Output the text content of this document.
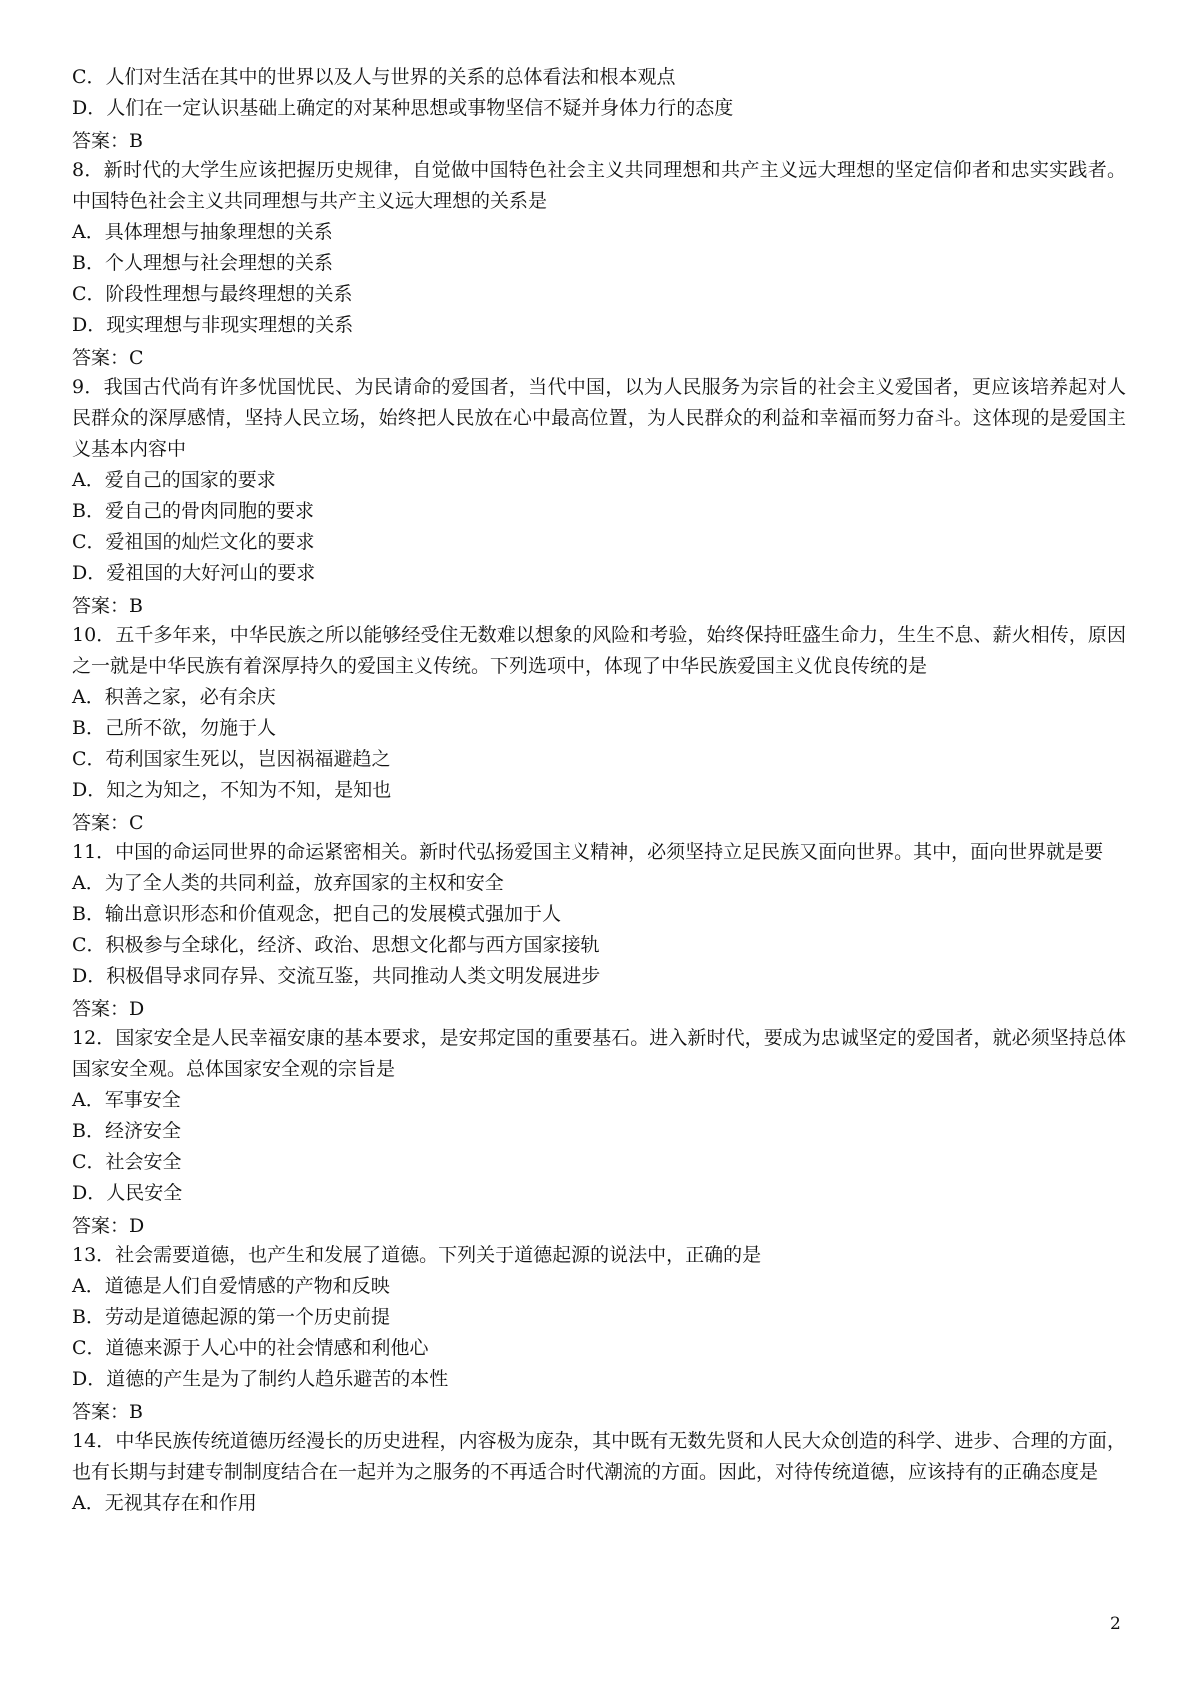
C．人们对生活在其中的世界以及人与世界的关系的总体看法和根本观点
D．人们在一定认识基础上确定的对某种思想或事物坚信不疑并身体力行的态度
答案：B
8．新时代的大学生应该把握历史规律，自觉做中国特色社会主义共同理想和共产主义远大理想的坚定信仰者和忠实实践者。中国特色社会主义共同理想与共产主义远大理想的关系是
A．具体理想与抽象理想的关系
B．个人理想与社会理想的关系
C．阶段性理想与最终理想的关系
D．现实理想与非现实理想的关系
答案：C
9．我国古代尚有许多忧国忧民、为民请命的爱国者，当代中国，以为人民服务为宗旨的社会主义爱国者，更应该培养起对人民群众的深厚感情，坚持人民立场，始终把人民放在心中最高位置，为人民群众的利益和幸福而努力奋斗。这体现的是爱国主义基本内容中
A．爱自己的国家的要求
B．爱自己的骨肉同胞的要求
C．爱祖国的灿烂文化的要求
D．爱祖国的大好河山的要求
答案：B
10．五千多年来，中华民族之所以能够经受住无数难以想象的风险和考验，始终保持旺盛生命力，生生不息、薪火相传，原因之一就是中华民族有着深厚持久的爱国主义传统。下列选项中，体现了中华民族爱国主义优良传统的是
A．积善之家，必有余庆
B．己所不欲，勿施于人
C．苟利国家生死以，岂因祸福避趋之
D．知之为知之，不知为不知，是知也
答案：C
11．中国的命运同世界的命运紧密相关。新时代弘扬爱国主义精神，必须坚持立足民族又面向世界。其中，面向世界就是要
A．为了全人类的共同利益，放弃国家的主权和安全
B．输出意识形态和价值观念，把自己的发展模式强加于人
C．积极参与全球化，经济、政治、思想文化都与西方国家接轨
D．积极倡导求同存异、交流互鉴，共同推动人类文明发展进步
答案：D
12．国家安全是人民幸福安康的基本要求，是安邦定国的重要基石。进入新时代，要成为忠诚坚定的爱国者，就必须坚持总体国家安全观。总体国家安全观的宗旨是
A．军事安全
B．经济安全
C．社会安全
D．人民安全
答案：D
13．社会需要道德，也产生和发展了道德。下列关于道德起源的说法中，正确的是
A．道德是人们自爱情感的产物和反映
B．劳动是道德起源的第一个历史前提
C．道德来源于人心中的社会情感和利他心
D．道德的产生是为了制约人趋乐避苦的本性
答案：B
14．中华民族传统道德历经漫长的历史进程，内容极为庞杂，其中既有无数先贤和人民大众创造的科学、进步、合理的方面，也有长期与封建专制制度结合在一起并为之服务的不再适合时代潮流的方面。因此，对待传统道德，应该持有的正确态度是
A．无视其存在和作用
2
